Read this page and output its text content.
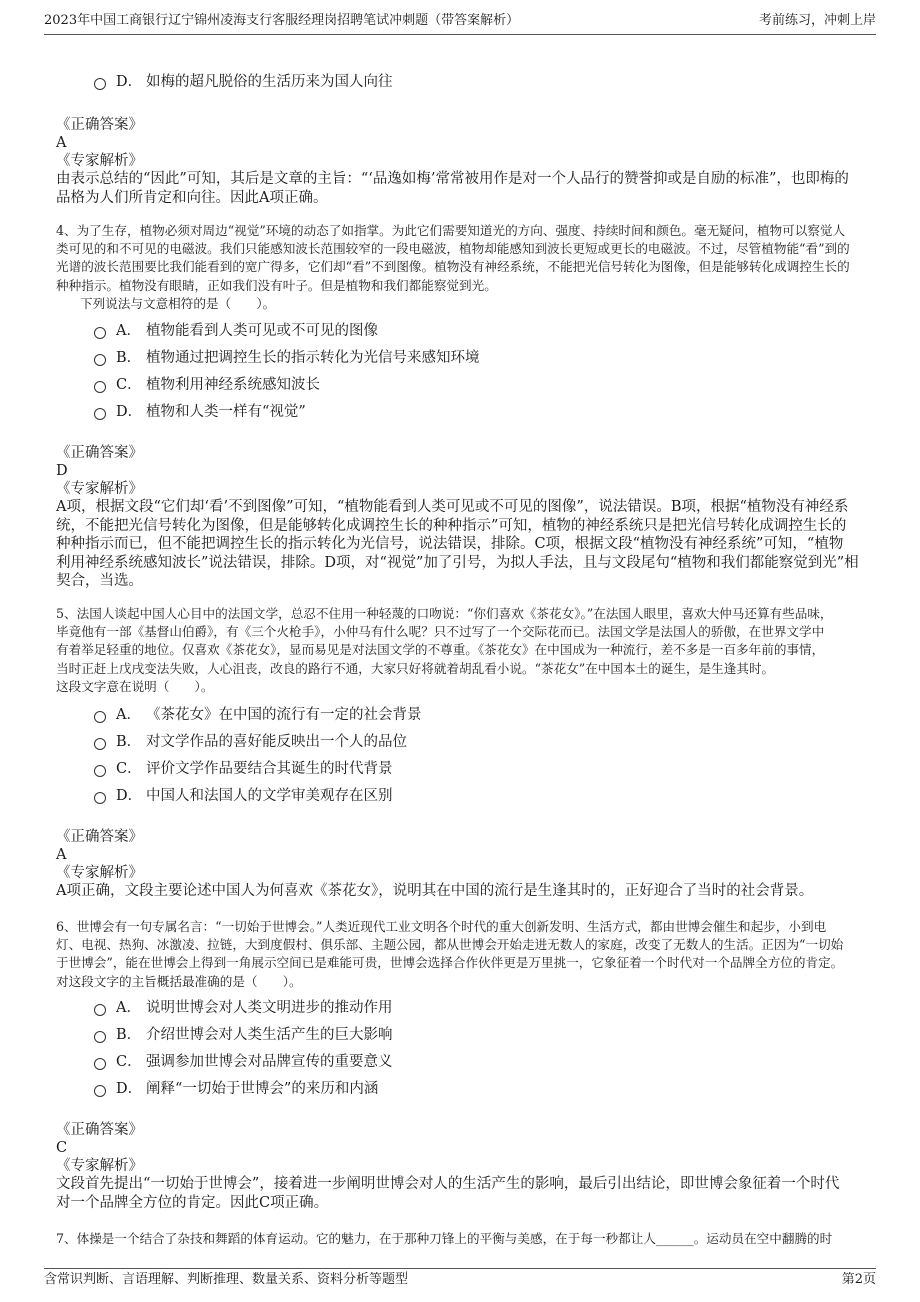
2023年中国工商银行辽宁锦州凌海支行客服经理岗招聘笔试冲刺题（带答案解析）	考前练习，冲刺上岸
D． 如梅的超凡脱俗的生活历来为国人向往
《正确答案》
A
《专家解析》
由表示总结的“因此”可知，其后是文章的主旨：“‘品逸如梅’常常被用作是对一个人品行的赞誉抑或是自励的标准”，也即梅的
品格为人们所肯定和向往。因此A项正确。
4、为了生存，植物必须对周边“视觉”环境的动态了如指掌。为此它们需要知道光的方向、强度、持续时间和颜色。毫无疑问，植物可以察觉人
类可见的和不可见的电磁波。我们只能感知波长范围较窄的一段电磁波，植物却能感知到波长更短或更长的电磁波。不过，尽管植物能“看”到的
光谱的波长范围要比我们能看到的宽广得多，它们却“看”不到图像。植物没有神经系统，不能把光信号转化为图像，但是能够转化成调控生长的
种种指示。植物没有眼睛，正如我们没有叶子。但是植物和我们都能察觉到光。
下列说法与文意相符的是（　　）。
A． 植物能看到人类可见或不可见的图像
B． 植物通过把调控生长的指示转化为光信号来感知环境
C． 植物利用神经系统感知波长
D． 植物和人类一样有“视觉”
《正确答案》
D
《专家解析》
A项，根据文段“它们却‘看’不到图像”可知，“植物能看到人类可见或不可见的图像”，说法错误。B项，根据“植物没有神经系
统，不能把光信号转化为图像，但是能够转化成调控生长的种种指示”可知，植物的神经系统只是把光信号转化成调控生长的
种种指示而已，但不能把调控生长的指示转化为光信号，说法错误，排除。C项，根据文段“植物没有神经系统”可知，“植物
利用神经系统感知波长”说法错误，排除。D项，对“视觉”加了引号，为拟人手法，且与文段尾句“植物和我们都能察觉到光”相
契合，当选。
5、法国人谈起中国人心目中的法国文学，总忍不住用一种轻蔑的口吻说：“你们喜欢《茶花女》。”在法国人眼里，喜欢大仲马还算有些品味，
毕竟他有一部《基督山伯爵》，有《三个火枪手》，小仲马有什么呢？只不过写了一个交际花而已。法国文学是法国人的骄傲，在世界文学中
有着举足轻重的地位。仅喜欢《茶花女》，显而易见是对法国文学的不尊重。《茶花女》在中国成为一种流行，差不多是一百多年前的事情，
当时正赶上戊戌变法失败，人心沮丧，改良的路行不通，大家只好将就着胡乱看小说。“茶花女”在中国本土的诞生，是生逢其时。
这段文字意在说明（　　）。
A． 《茶花女》在中国的流行有一定的社会背景
B． 对文学作品的喜好能反映出一个人的品位
C． 评价文学作品要结合其诞生的时代背景
D． 中国人和法国人的文学审美观存在区别
《正确答案》
A
《专家解析》
A项正确，文段主要论述中国人为何喜欢《茶花女》，说明其在中国的流行是生逢其时的，正好迎合了当时的社会背景。
6、世博会有一句专属名言：“一切始于世博会。”人类近现代工业文明各个时代的重大创新发明、生活方式，都由世博会催生和起步，小到电
灯、电视、热狗、冰激凌、拉链，大到度假村、俱乐部、主题公园，都从世博会开始走进无数人的家庭，改变了无数人的生活。正因为“一切始
于世博会”，能在世博会上得到一角展示空间已是难能可贵，世博会选择合作伙伴更是万里挑一，它象征着一个时代对一个品牌全方位的肯定。
对这段文字的主旨概括最准确的是（　　）。
A． 说明世博会对人类文明进步的推动作用
B． 介绍世博会对人类生活产生的巨大影响
C． 强调参加世博会对品牌宣传的重要意义
D． 阐释“一切始于世博会”的来历和内涵
《正确答案》
C
《专家解析》
文段首先提出“一切始于世博会”，接着进一步阐明世博会对人的生活产生的影响，最后引出结论，即世博会象征着一个时代
对一个品牌全方位的肯定。因此C项正确。
7、体操是一个结合了杂技和舞蹈的体育运动。它的魅力，在于那种刀锋上的平衡与美感，在于每一秒都让人______。运动员在空中翻腾的时
含常识判断、言语理解、判断推理、数量关系、资料分析等题型	第2页
